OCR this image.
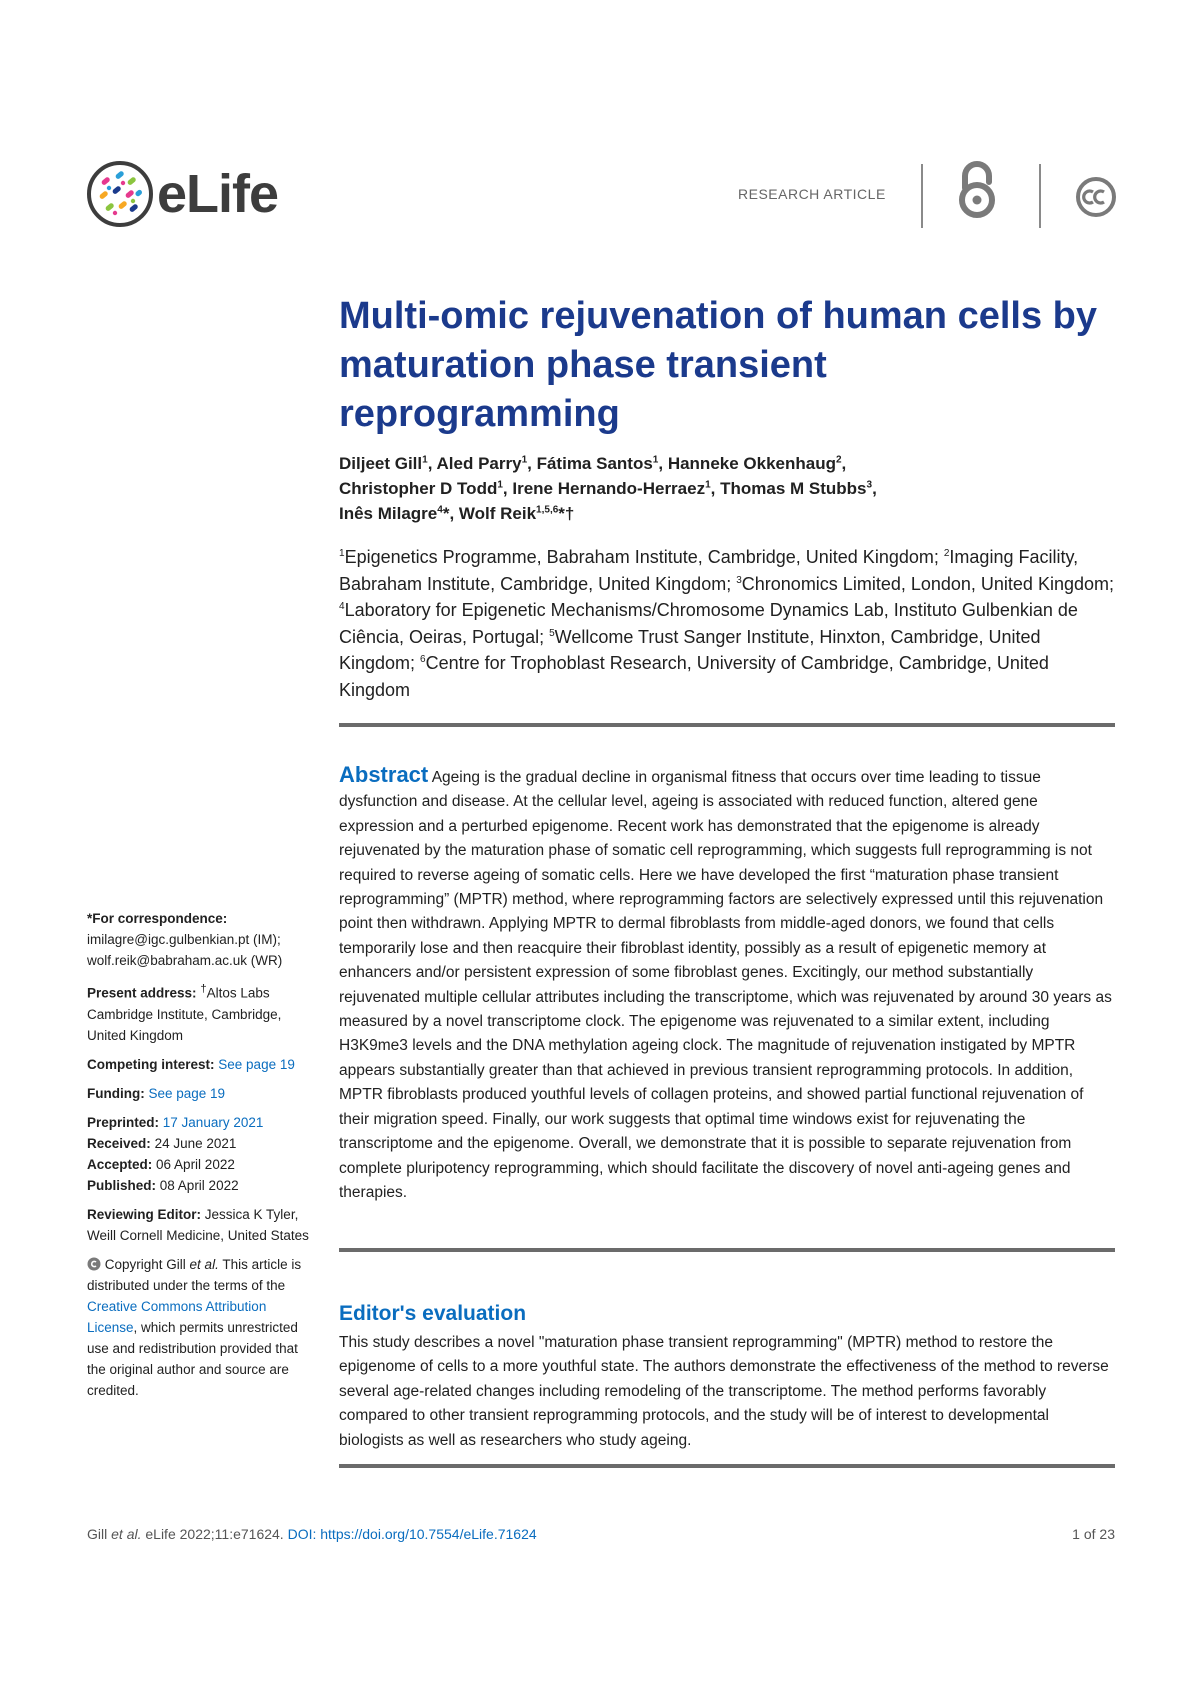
eLife	RESEARCH ARTICLE
Multi-omic rejuvenation of human cells by maturation phase transient reprogramming
Diljeet Gill$^1$, Aled Parry$^1$, Fátima Santos$^1$, Hanneke Okkenhaug$^2$,
Christopher D Todd$^1$, Irene Hernando-Herraez$^1$, Thomas M Stubbs$^3$,
Inês Milagre$^4$*, Wolf Reik$^{1,5,6}$*†
$^1$Epigenetics Programme, Babraham Institute, Cambridge, United Kingdom; $^2$Imaging Facility, Babraham Institute, Cambridge, United Kingdom; $^3$Chronomics Limited, London, United Kingdom; $^4$Laboratory for Epigenetic Mechanisms/Chromosome Dynamics Lab, Instituto Gulbenkian de Ciência, Oeiras, Portugal; $^5$Wellcome Trust Sanger Institute, Hinxton, Cambridge, United Kingdom; $^6$Centre for Trophoblast Research, University of Cambridge, Cambridge, United Kingdom
*For correspondence:
imilagre@igc.gulbenkian.pt (IM); wolf.reik@babraham.ac.uk (WR)
Present address: †Altos Labs Cambridge Institute, Cambridge, United Kingdom
Competing interest: See page 19
Funding: See page 19
Preprinted: 17 January 2021
Received: 24 June 2021
Accepted: 06 April 2022
Published: 08 April 2022
Reviewing Editor: Jessica K Tyler, Weill Cornell Medicine, United States
Copyright Gill et al. This article is distributed under the terms of the Creative Commons Attribution License, which permits unrestricted use and redistribution provided that the original author and source are credited.
Abstract Ageing is the gradual decline in organismal fitness that occurs over time leading to tissue dysfunction and disease. At the cellular level, ageing is associated with reduced function, altered gene expression and a perturbed epigenome. Recent work has demonstrated that the epigenome is already rejuvenated by the maturation phase of somatic cell reprogramming, which suggests full reprogramming is not required to reverse ageing of somatic cells. Here we have developed the first “maturation phase transient reprogramming” (MPTR) method, where reprogramming factors are selectively expressed until this rejuvenation point then withdrawn. Applying MPTR to dermal fibroblasts from middle-aged donors, we found that cells temporarily lose and then reacquire their fibroblast identity, possibly as a result of epigenetic memory at enhancers and/or persistent expression of some fibroblast genes. Excitingly, our method substantially rejuvenated multiple cellular attributes including the transcriptome, which was rejuvenated by around 30 years as measured by a novel transcriptome clock. The epigenome was rejuvenated to a similar extent, including H3K9me3 levels and the DNA methylation ageing clock. The magnitude of rejuvenation instigated by MPTR appears substantially greater than that achieved in previous transient reprogramming protocols. In addition, MPTR fibroblasts produced youthful levels of collagen proteins, and showed partial functional rejuvenation of their migration speed. Finally, our work suggests that optimal time windows exist for rejuvenating the transcriptome and the epigenome. Overall, we demonstrate that it is possible to separate rejuvenation from complete pluripotency reprogramming, which should facilitate the discovery of novel anti-ageing genes and therapies.
Editor's evaluation
This study describes a novel "maturation phase transient reprogramming" (MPTR) method to restore the epigenome of cells to a more youthful state. The authors demonstrate the effectiveness of the method to reverse several age-related changes including remodeling of the transcriptome. The method performs favorably compared to other transient reprogramming protocols, and the study will be of interest to developmental biologists as well as researchers who study ageing.
Gill et al. eLife 2022;11:e71624. DOI: https://doi.org/10.7554/eLife.71624	1 of 23
